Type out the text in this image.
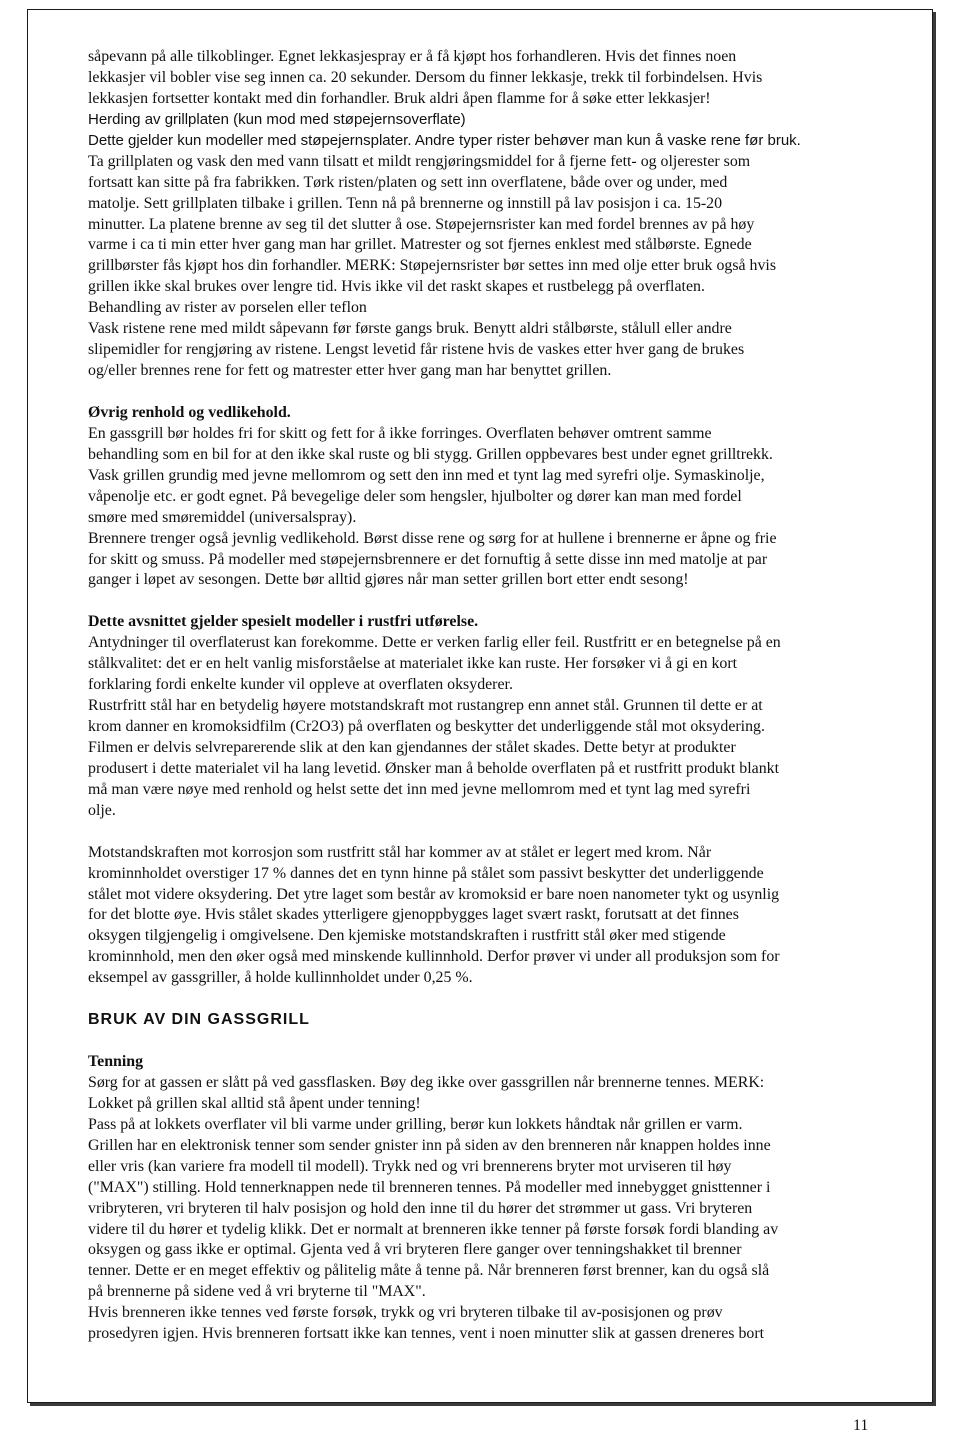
såpevann på alle tilkoblinger. Egnet lekkasjespray er å få kjøpt hos forhandleren. Hvis det finnes noen
lekkasjer vil bobler vise seg innen ca. 20 sekunder. Dersom du finner lekkasje, trekk til forbindelsen. Hvis
lekkasjen fortsetter kontakt med din forhandler. Bruk aldri åpen flamme for å søke etter lekkasjer!
Herding av grillplaten (kun mod med støpejernsoverflate)
Dette gjelder kun modeller med støpejernsplater. Andre typer rister behøver man kun å vaske rene før bruk.
Ta grillplaten og vask den med vann tilsatt et mildt rengjøringsmiddel for å fjerne fett- og oljerester som
fortsatt kan sitte på fra fabrikken. Tørk risten/platen og sett inn overflatene, både over og under, med
matolje. Sett grillplaten tilbake i grillen. Tenn nå på brennerne og innstill på lav posisjon i ca. 15-20
minutter. La platene brenne av seg til det slutter å ose. Støpejernsrister kan med fordel brennes av på høy
varme i ca ti min etter hver gang man har grillet. Matrester og sot fjernes enklest med stålbørste. Egnede
grillbørster fås kjøpt hos din forhandler. MERK: Støpejernsrister bør settes inn med olje etter bruk også hvis
grillen ikke skal brukes over lengre tid. Hvis ikke vil det raskt skapes et rustbelegg på overflaten.
Behandling av rister av porselen eller teflon
Vask ristene rene med mildt såpevann før første gangs bruk. Benytt aldri stålbørste, stålull eller andre
slipemidler for rengjøring av ristene. Lengst levetid får ristene hvis de vaskes etter hver gang de brukes
og/eller brennes rene for fett og matrester etter hver gang man har benyttet grillen.
Øvrig renhold og vedlikehold.
En gassgrill bør holdes fri for skitt og fett for å ikke forringes. Overflaten behøver omtrent samme
behandling som en bil for at den ikke skal ruste og bli stygg. Grillen oppbevares best under egnet grilltrekk.
Vask grillen grundig med jevne mellomrom og sett den inn med et tynt lag med syrefri olje. Symaskinolje,
våpenolje etc. er godt egnet. På bevegelige deler som hengsler, hjulbolter og dører kan man med fordel
smøre med smøremiddel (universalspray).
Brennere trenger også jevnlig vedlikehold. Børst disse rene og sørg for at hullene i brennerne er åpne og frie
for skitt og smuss. På modeller med støpejernsbrennere er det fornuftig å sette disse inn med matolje at par
ganger i løpet av sesongen. Dette bør alltid gjøres når man setter grillen bort etter endt sesong!
Dette avsnittet gjelder spesielt modeller i rustfri utførelse.
Antydninger til overflaterust kan forekomme. Dette er verken farlig eller feil. Rustfritt er en betegnelse på en
stålkvalitet: det er en helt vanlig misforståelse at materialet ikke kan ruste. Her forsøker vi å gi en kort
forklaring fordi enkelte kunder vil oppleve at overflaten oksyderer.
Rustrfritt stål har en betydelig høyere motstandskraft mot rustangrep enn annet stål. Grunnen til dette er at
krom danner en kromoksidfilm (Cr2O3) på overflaten og beskytter det underliggende stål mot oksydering.
Filmen er delvis selvreparerende slik at den kan gjendannes der stålet skades. Dette betyr at produkter
produsert i dette materialet vil ha lang levetid. Ønsker man å beholde overflaten på et rustfritt produkt blankt
må man være nøye med renhold og helst sette det inn med jevne mellomrom med et tynt lag med syrefri
olje.
Motstandskraften mot korrosjon som rustfritt stål har kommer av at stålet er legert med krom. Når
krominnholdet overstiger 17 % dannes det en tynn hinne på stålet som passivt beskytter det underliggende
stålet mot videre oksydering. Det ytre laget som består av kromoksid er bare noen nanometer tykt og usynlig
for det blotte øye. Hvis stålet skades ytterligere gjenoppbygges laget svært raskt, forutsatt at det finnes
oksygen tilgjengelig i omgivelsene. Den kjemiske motstandskraften i rustfritt stål øker med stigende
krominnhold, men den øker også med minskende kullinnhold. Derfor prøver vi under all produksjon som for
eksempel av gassgriller, å holde kullinnholdet under 0,25 %.
BRUK AV DIN GASSGRILL
Tenning
Sørg for at gassen er slått på ved gassflasken. Bøy deg ikke over gassgrillen når brennerne tennes. MERK:
Lokket på grillen skal alltid stå åpent under tenning!
Pass på at lokkets overflater vil bli varme under grilling, berør kun lokkets håndtak når grillen er varm.
Grillen har en elektronisk tenner som sender gnister inn på siden av den brenneren når knappen holdes inne
eller vris (kan variere fra modell til modell). Trykk ned og vri brennerens bryter mot urviseren til høy
("MAX") stilling. Hold tennerknappen nede til brenneren tennes. På modeller med innebygget gnisttenner i
vribryteren, vri bryteren til halv posisjon og hold den inne til du hører det strømmer ut gass. Vri bryteren
videre til du hører et tydelig klikk. Det er normalt at brenneren ikke tenner på første forsøk fordi blanding av
oksygen og gass ikke er optimal. Gjenta ved å vri bryteren flere ganger over tenningshakket til brenner
tenner. Dette er en meget effektiv og pålitelig måte å tenne på. Når brenneren først brenner, kan du også slå
på brennerne på sidene ved å vri bryterne til "MAX".
Hvis brenneren ikke tennes ved første forsøk, trykk og vri bryteren tilbake til av-posisjonen og prøv
prosedyren igjen. Hvis brenneren fortsatt ikke kan tennes, vent i noen minutter slik at gassen dreneres bort
11
